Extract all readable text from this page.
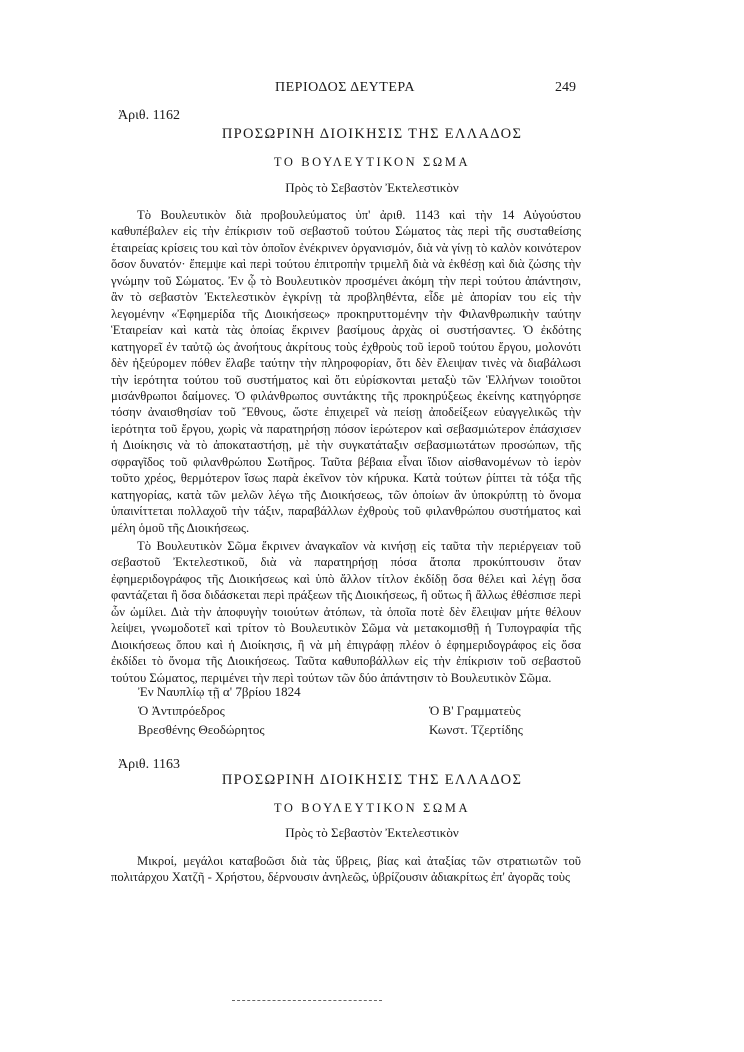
ΠΕΡΙΟΔΟΣ ΔΕΥΤΕΡΑ	249
Ἀριθ. 1162
ΠΡΟΣΩΡΙΝΗ ΔΙΟΙΚΗΣΙΣ ΤΗΣ ΕΛΛΑΔΟΣ
ΤΟ ΒΟΥΛΕΥΤΙΚΟΝ ΣΩΜΑ
Πρὸς τὸ Σεβαστὸν Ἐκτελεστικὸν

Τὸ Βουλευτικὸν διὰ προβουλεύματος ὑπ' ἀριθ. 1143 καὶ τὴν 14 Αὐγούστου καθυπέβαλεν εἰς τὴν ἐπίκρισιν τοῦ σεβαστοῦ τούτου Σώματος τὰς περὶ τῆς συσταθείσης ἑταιρείας κρίσεις του καὶ τὸν ὁποῖον ἐνέκρινεν ὀργανισμόν, διὰ νὰ γίνῃ τὸ καλὸν κοινότερον ὅσον δυνατόν· ἔπεμψε καὶ περὶ τούτου ἐπιτροπὴν τριμελῆ διὰ νὰ ἐκθέσῃ καὶ διὰ ζώσης τὴν γνώμην τοῦ Σώματος. Ἐν ᾧ τὸ Βουλευτικὸν προσμένει ἀκόμη τὴν περὶ τούτου ἀπάντησιν, ἂν τὸ σεβαστὸν Ἐκτελεστικὸν ἐγκρίνῃ τὰ προβληθέντα, εἶδε μὲ ἀπορίαν του εἰς τὴν λεγομένην «Ἐφημερίδα τῆς Διοικήσεως» προκηρυττομένην τὴν Φιλανθρωπικὴν ταύτην Ἑταιρείαν καὶ κατὰ τὰς ὁποίας ἔκρινεν βασίμους ἀρχὰς οἱ συστήσαντες. Ὁ ἐκδότης κατηγορεῖ ἐν ταὐτῷ ὡς ἀνοήτους ἀκρίτους τοὺς ἐχθροὺς τοῦ ἱεροῦ τούτου ἔργου, μολονότι δὲν ἠξεύρομεν πόθεν ἔλαβε ταύτην τὴν πληροφορίαν, ὅτι δὲν ἔλειψαν τινὲς νὰ διαβάλωσι τὴν ἱερότητα τούτου τοῦ συστήματος καὶ ὅτι εὑρίσκονται μεταξὺ τῶν Ἑλλήνων τοιοῦτοι μισάνθρωποι δαίμονες. Ὁ φιλάνθρωπος συντάκτης τῆς προκηρύξεως ἐκείνης κατηγόρησε τόσην ἀναισθησίαν τοῦ Ἔθνους, ὥστε ἐπιχειρεῖ νὰ πείσῃ ἀποδείξεων εὐαγγελικῶς τὴν ἱερότητα τοῦ ἔργου, χωρὶς νὰ παρατηρήσῃ πόσον ἱερώτερον καὶ σεβασμιώτερον ἐπάσχισεν ἡ Διοίκησις νὰ τὸ ἀποκαταστήσῃ, μὲ τὴν συγκατάταξιν σεβασμιωτάτων προσώπων, τῆς σφραγῖδος τοῦ φιλανθρώπου Σωτῆρος. Ταῦτα βέβαια εἶναι ἴδιον αἰσθανομένων τὸ ἱερὸν τοῦτο χρέος, θερμότερον ἴσως παρὰ ἐκεῖνον τὸν κήρυκα. Κατὰ τούτων ῥίπτει τὰ τόξα τῆς κατηγορίας, κατὰ τῶν μελῶν λέγω τῆς Διοικήσεως, τῶν ὁποίων ἂν ὑποκρύπτῃ τὸ ὄνομα ὑπαινίττεται πολλαχοῦ τὴν τάξιν, παραβάλλων ἐχθροὺς τοῦ φιλανθρώπου συστήματος καὶ μέλη ὁμοῦ τῆς Διοικήσεως.

Τὸ Βουλευτικὸν Σῶμα ἔκρινεν ἀναγκαῖον νὰ κινήσῃ εἰς ταῦτα τὴν περιέργειαν τοῦ σεβαστοῦ Ἐκτελεστικοῦ, διὰ νὰ παρατηρήσῃ πόσα ἄτοπα προκύπτουσιν ὅταν ἐφημεριδογράφος τῆς Διοικήσεως καὶ ὑπὸ ἄλλον τίτλον ἐκδίδῃ ὅσα θέλει καὶ λέγῃ ὅσα φαντάζεται ἢ ὅσα διδάσκεται περὶ πράξεων τῆς Διοικήσεως, ἢ οὕτως ἢ ἄλλως ἐθέσπισε περὶ ὧν ὡμίλει. Διὰ τὴν ἀποφυγὴν τοιούτων ἀτόπων, τὰ ὁποῖα ποτὲ δὲν ἔλειψαν μήτε θέλουν λείψει, γνωμοδοτεῖ καὶ τρίτον τὸ Βουλευτικὸν Σῶμα νὰ μετακομισθῇ ἡ Τυπογραφία τῆς Διοικήσεως ὅπου καὶ ἡ Διοίκησις, ἢ νὰ μὴ ἐπιγράφῃ πλέον ὁ ἐφημεριδογράφος εἰς ὅσα ἐκδίδει τὸ ὄνομα τῆς Διοικήσεως. Ταῦτα καθυποβάλλων εἰς τὴν ἐπίκρισιν τοῦ σεβαστοῦ τούτου Σώματος, περιμένει τὴν περὶ τούτων τῶν δύο ἀπάντησιν τὸ Βουλευτικὸν Σῶμα.

Ἐν Ναυπλίῳ τῇ α' 7βρίου 1824
Ὁ Ἀντιπρόεδρος
Βρεσθένης Θεοδώρητος
Ὁ Β' Γραμματεὺς
Κωνστ. Τζερτίδης
Ἀριθ. 1163
ΠΡΟΣΩΡΙΝΗ ΔΙΟΙΚΗΣΙΣ ΤΗΣ ΕΛΛΑΔΟΣ
ΤΟ ΒΟΥΛΕΥΤΙΚΟΝ ΣΩΜΑ
Πρὸς τὸ Σεβαστὸν Ἐκτελεστικὸν

Μικροί, μεγάλοι καταβοῶσι διὰ τὰς ὕβρεις, βίας καὶ ἀταξίας τῶν στρατιωτῶν τοῦ πολιτάρχου Χατζῆ - Χρήστου, δέρνουσιν ἀνηλεῶς, ὑβρίζουσιν ἀδιακρίτως ἐπ' ἀγορᾶς τοὺς
